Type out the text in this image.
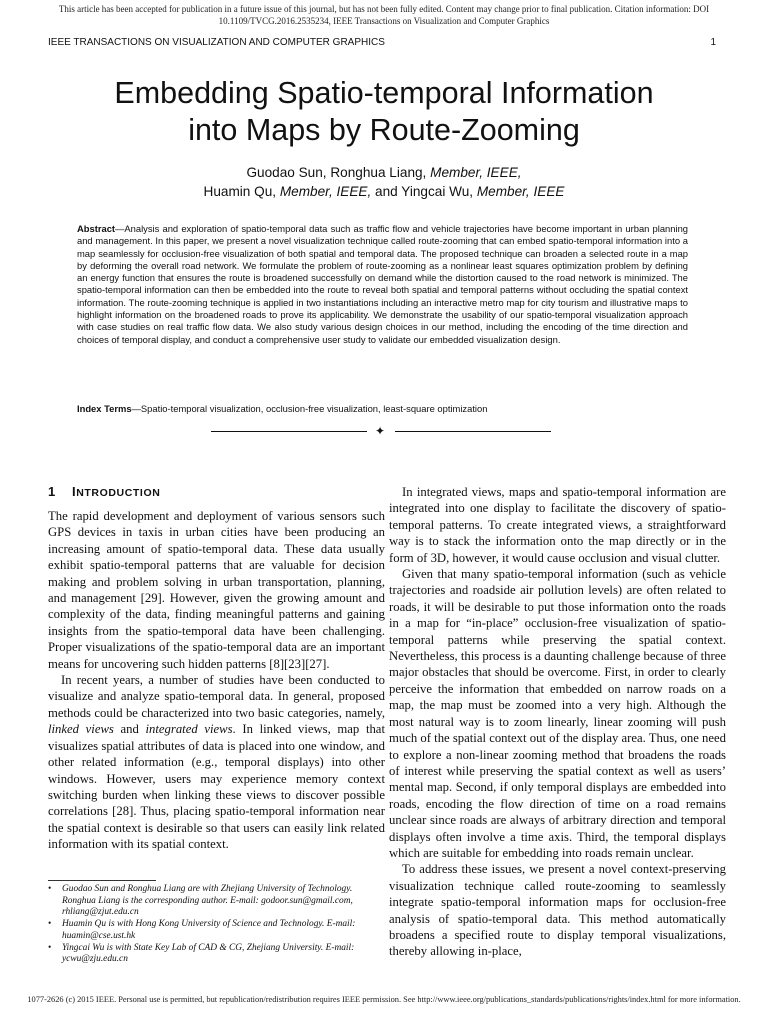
This article has been accepted for publication in a future issue of this journal, but has not been fully edited. Content may change prior to final publication. Citation information: DOI 10.1109/TVCG.2016.2535234, IEEE Transactions on Visualization and Computer Graphics
IEEE TRANSACTIONS ON VISUALIZATION AND COMPUTER GRAPHICS	1
Embedding Spatio-temporal Information
into Maps by Route-Zooming
Guodao Sun, Ronghua Liang, Member, IEEE,
Huamin Qu, Member, IEEE, and Yingcai Wu, Member, IEEE

Abstract—Analysis and exploration of spatio-temporal data such as traffic flow and vehicle trajectories have become important in urban planning and management. In this paper, we present a novel visualization technique called route-zooming that can embed spatio-temporal information into a map seamlessly for occlusion-free visualization of both spatial and temporal data. The proposed technique can broaden a selected route in a map by deforming the overall road network. We formulate the problem of route-zooming as a nonlinear least squares optimization problem by defining an energy function that ensures the route is broadened successfully on demand while the distortion caused to the road network is minimized. The spatio-temporal information can then be embedded into the route to reveal both spatial and temporal patterns without occluding the spatial context information. The route-zooming technique is applied in two instantiations including an interactive metro map for city tourism and illustrative maps to highlight information on the broadened roads to prove its applicability. We demonstrate the usability of our spatio-temporal visualization approach with case studies on real traffic flow data. We also study various design choices in our method, including the encoding of the time direction and choices of temporal display, and conduct a comprehensive user study to validate our embedded visualization design.

Index Terms—Spatio-temporal visualization, occlusion-free visualization, least-square optimization

✦
1 INTRODUCTION

The rapid development and deployment of various sensors such GPS devices in taxis in urban cities have been producing an increasing amount of spatio-temporal data. These data usually exhibit spatio-temporal patterns that are valuable for decision making and problem solving in urban transportation, planning, and management [29]. However, given the growing amount and complexity of the data, finding meaningful patterns and gaining insights from the spatio-temporal data have been challenging. Proper visualizations of the spatio-temporal data are an important means for uncovering such hidden patterns [8][23][27].

In recent years, a number of studies have been conducted to visualize and analyze spatio-temporal data. In general, proposed methods could be characterized into two basic categories, namely, linked views and integrated views. In linked views, map that visualizes spatial attributes of data is placed into one window, and other related information (e.g., temporal displays) into other windows. However, users may experience memory context switching burden when linking these views to discover possible correlations [28]. Thus, placing spatio-temporal information near the spatial context is desirable so that users can easily link related information with its spatial context.

• Guodao Sun and Ronghua Liang are with Zhejiang University of Technology. Ronghua Liang is the corresponding author. E-mail: godoor.sun@gmail.com, rhliang@zjut.edu.cn
• Huamin Qu is with Hong Kong University of Science and Technology. E-mail: huamin@cse.ust.hk
• Yingcai Wu is with State Key Lab of CAD & CG, Zhejiang University. E-mail: ycwu@zju.edu.cn

In integrated views, maps and spatio-temporal information are integrated into one display to facilitate the discovery of spatio-temporal patterns. To create integrated views, a straightforward way is to stack the information onto the map directly or in the form of 3D, however, it would cause occlusion and visual clutter.

Given that many spatio-temporal information (such as vehicle trajectories and roadside air pollution levels) are often related to roads, it will be desirable to put those information onto the roads in a map for “in-place” occlusion-free visualization of spatio-temporal patterns while preserving the spatial context. Nevertheless, this process is a daunting challenge because of three major obstacles that should be overcome. First, in order to clearly perceive the information that embedded on narrow roads on a map, the map must be zoomed into a very high. Although the most natural way is to zoom linearly, linear zooming will push much of the spatial context out of the display area. Thus, one need to explore a non-linear zooming method that broadens the roads of interest while preserving the spatial context as well as users’ mental map. Second, if only temporal displays are embedded into roads, encoding the flow direction of time on a road remains unclear since roads are always of arbitrary direction and temporal displays often involve a time axis. Third, the temporal displays which are suitable for embedding into roads remain unclear.

To address these issues, we present a novel context-preserving visualization technique called route-zooming to seamlessly integrate spatio-temporal information maps for occlusion-free analysis of spatio-temporal data. This method automatically broadens a specified route to display temporal visualizations, thereby allowing in-place,

1077-2626 (c) 2015 IEEE. Personal use is permitted, but republication/redistribution requires IEEE permission. See http://www.ieee.org/publications_standards/publications/rights/index.html for more information.
